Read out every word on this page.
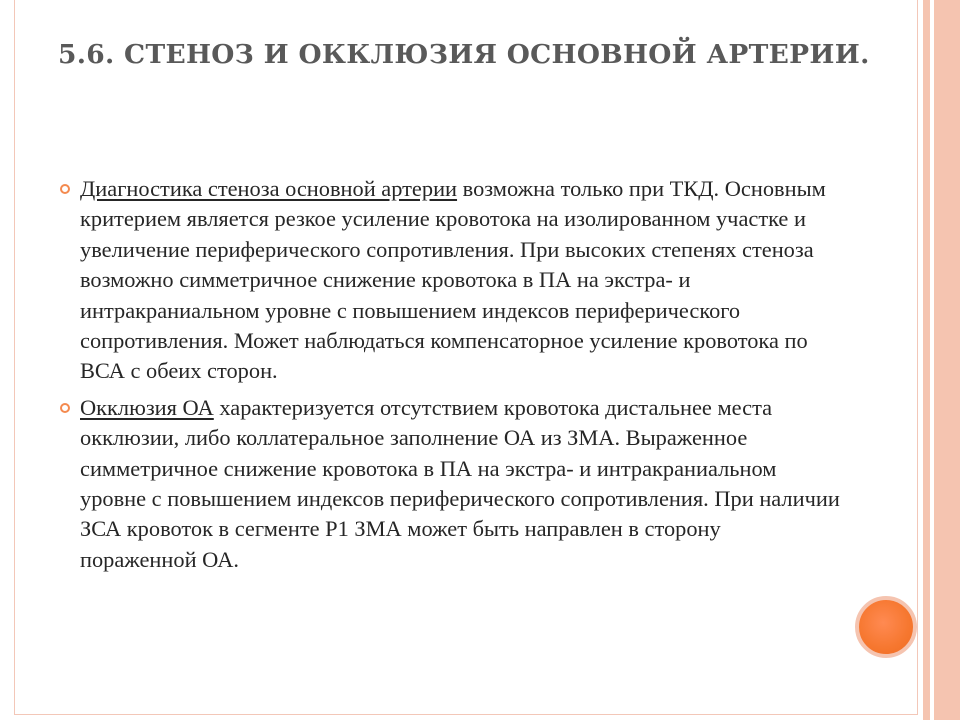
5.6. СТЕНОЗ И ОККЛЮЗИЯ ОСНОВНОЙ АРТЕРИИ.
Диагностика стеноза основной артерии возможна только при ТКД. Основным критерием является резкое усиление кровотока на изолированном участке и увеличение периферического сопротивления. При высоких степенях стеноза возможно симметричное снижение кровотока в ПА на экстра- и интракраниальном уровне с повышением индексов периферического сопротивления. Может наблюдаться компенсаторное усиление кровотока по ВСА с обеих сторон.
Окклюзия ОА характеризуется отсутствием кровотока дистальнее места окклюзии, либо коллатеральное заполнение ОА из ЗМА. Выраженное симметричное снижение кровотока в ПА на экстра- и интракраниальном уровне с повышением индексов периферического сопротивления. При наличии ЗСА кровоток в сегменте Р1 ЗМА может быть направлен в сторону пораженной ОА.
